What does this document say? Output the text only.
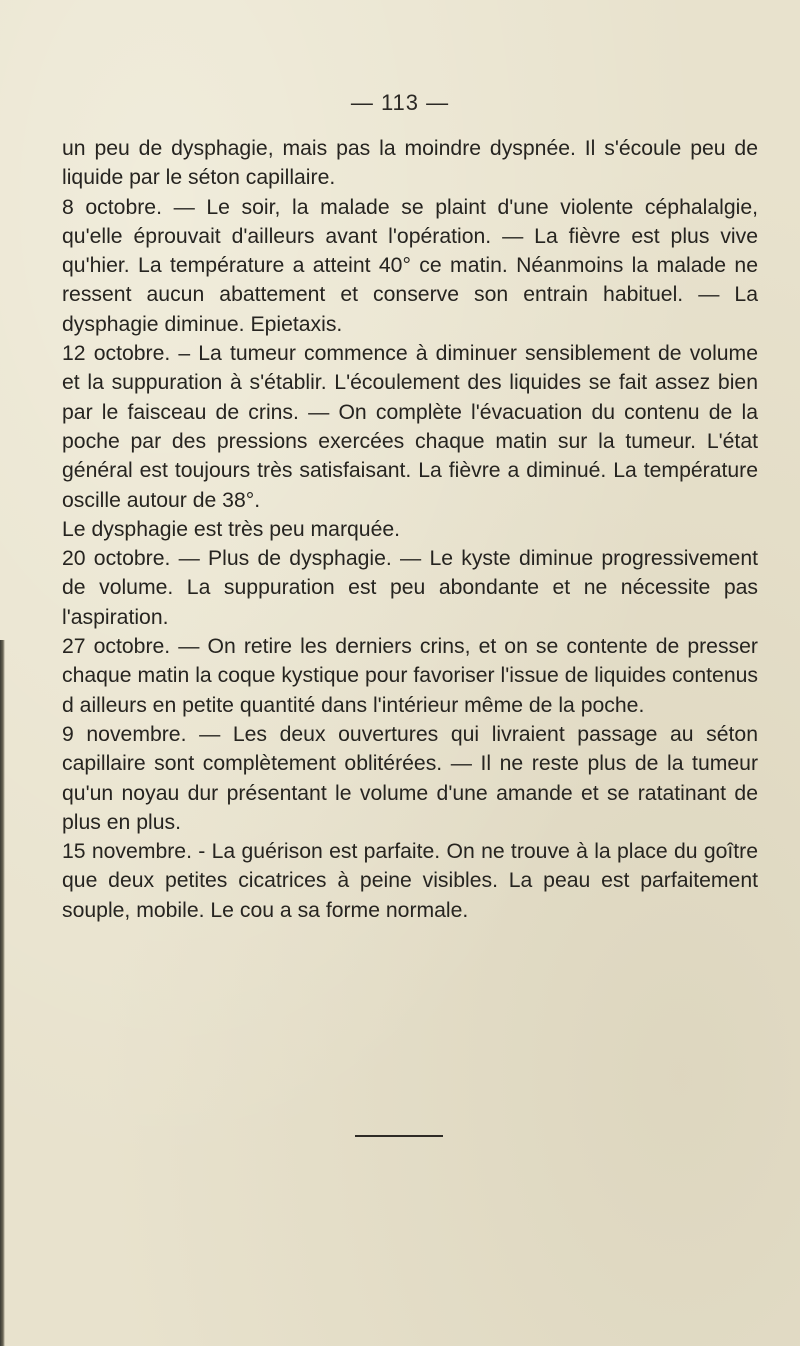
— 113 —

un peu de dysphagie, mais pas la moindre dyspnée. Il s'écoule peu de liquide par le séton capillaire.

8 octobre. — Le soir, la malade se plaint d'une violente céphalalgie, qu'elle éprouvait d'ailleurs avant l'opération. — La fièvre est plus vive qu'hier. La température a atteint 40° ce matin. Néanmoins la malade ne ressent aucun abattement et conserve son entrain habituel. — La dysphagie diminue. Epietaxis.

12 octobre. – La tumeur commence à diminuer sensiblement de volume et la suppuration à s'établir. L'écoulement des liquides se fait assez bien par le faisceau de crins. — On complète l'évacuation du contenu de la poche par des pressions exercées chaque matin sur la tumeur. L'état général est toujours très satisfaisant. La fièvre a diminué. La température oscille autour de 38°.

Le dysphagie est très peu marquée.

20 octobre. — Plus de dysphagie. — Le kyste diminue progressivement de volume. La suppuration est peu abondante et ne nécessite pas l'aspiration.

27 octobre. — On retire les derniers crins, et on se contente de presser chaque matin la coque kystique pour favoriser l'issue de liquides contenus d ailleurs en petite quantité dans l'intérieur même de la poche.

9 novembre. — Les deux ouvertures qui livraient passage au séton capillaire sont complètement oblitérées. — Il ne reste plus de la tumeur qu'un noyau dur présentant le volume d'une amande et se ratatinant de plus en plus.

15 novembre. - La guérison est parfaite. On ne trouve à la place du goître que deux petites cicatrices à peine visibles. La peau est parfaitement souple, mobile. Le cou a sa forme normale.
